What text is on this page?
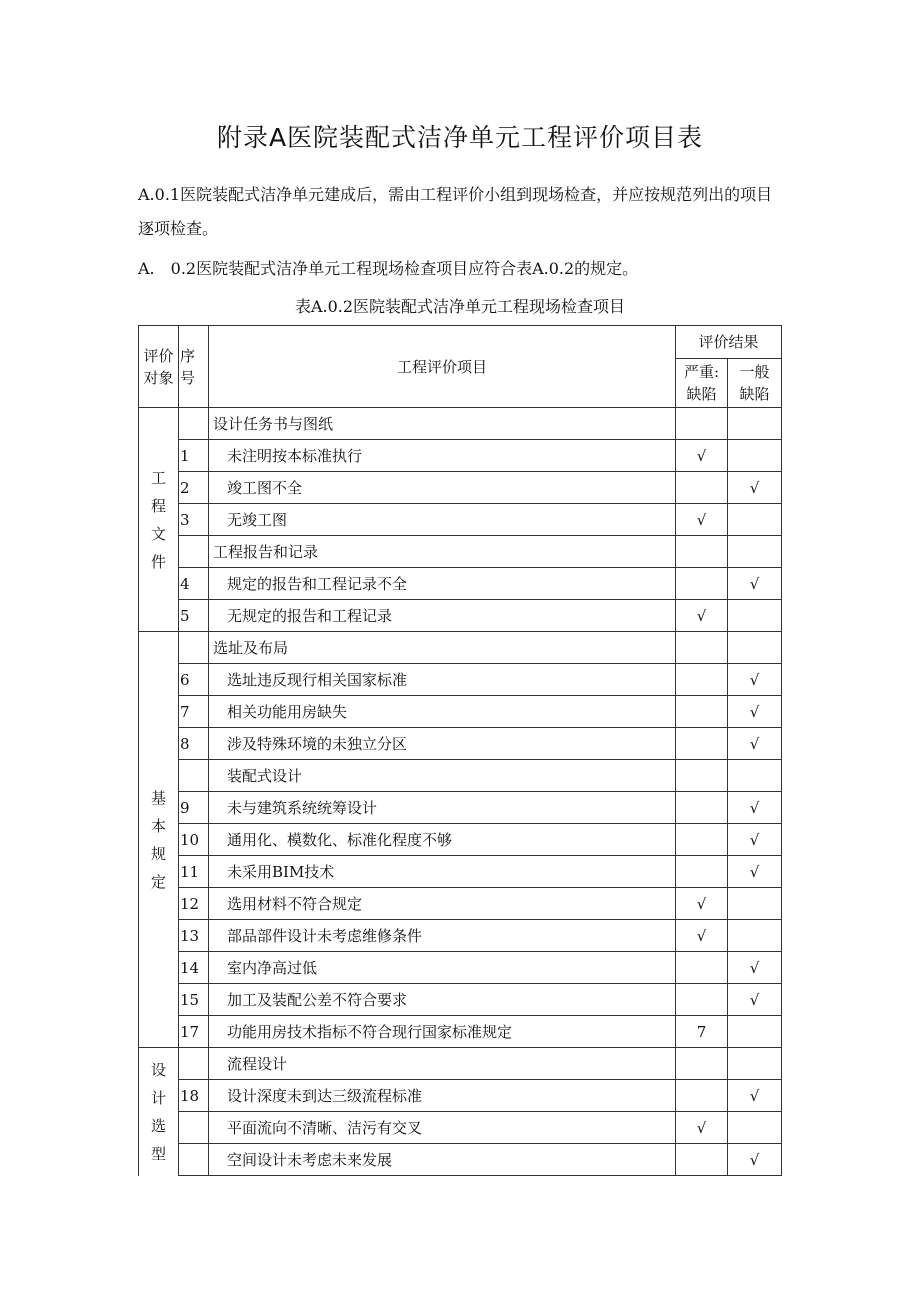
附录A医院装配式洁净单元工程评价项目表

A.0.1医院装配式洁净单元建成后，需由工程评价小组到现场检查，并应按规范列出的项目逐项检查。

A.　0.2医院装配式洁净单元工程现场检查项目应符合表A.0.2的规定。

表A.0.2医院装配式洁净单元工程现场检查项目
评价
对象	序
号	工程评价项目	评价结果	
			严重:
缺陷	一般
缺陷

工
程
文
件		设计任务书与图纸		
	1	未注明按本标准执行	√	
	2	竣工图不全		√
	3	无竣工图	√	
		工程报告和记录		
	4	规定的报告和工程记录不全		√
	5	无规定的报告和工程记录	√	

基
本
规
定		选址及布局		
	6	选址违反现行相关国家标准		√
	7	相关功能用房缺失		√
	8	涉及特殊环境的未独立分区		√
		装配式设计		
	9	未与建筑系统统筹设计		√
	10	通用化、模数化、标准化程度不够		√
	11	未采用BIM技术		√
	12	选用材料不符合规定	√	
	13	部品部件设计未考虑维修条件	√	
	14	室内净高过低		√
	15	加工及装配公差不符合要求		√
	17	功能用房技术指标不符合现行国家标准规定	7	

设
计
选
型		流程设计		
	18	设计深度未到达三级流程标准		√
		平面流向不清晰、洁污有交叉	√	
		空间设计未考虑未来发展		√
